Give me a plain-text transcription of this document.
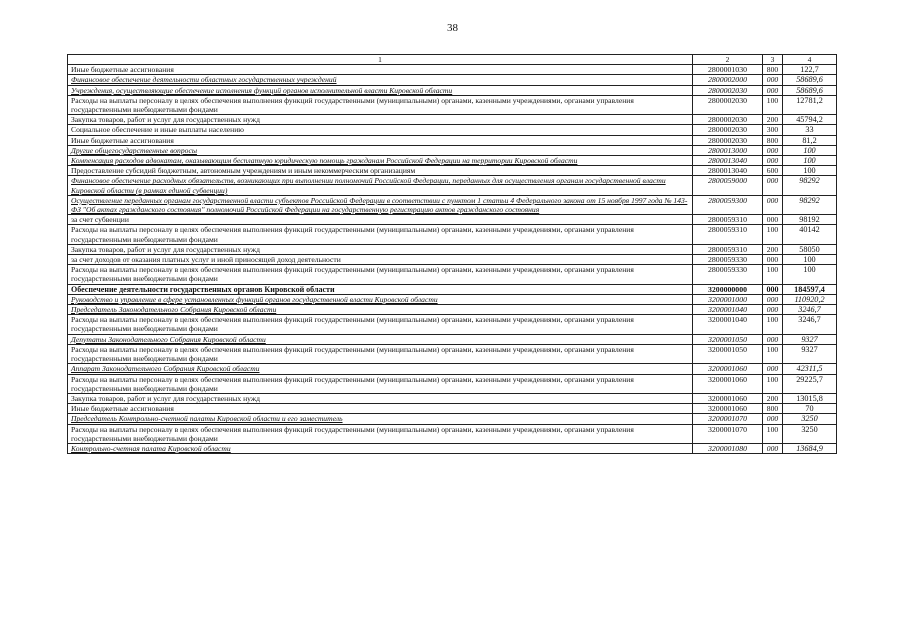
38
1	2	3	4
Иные бюджетные ассигнования	2800001030	800	122,7
Финансовое обеспечение деятельности областных государственных учреждений	2800002000	000	58689,6
Учреждения, осуществляющие обеспечение исполнения функций органов исполнительной власти Кировской области	2800002030	000	58689,6
Расходы на выплаты персоналу в целях обеспечения выполнения функций государственными (муниципальными) органами, казенными учреждениями, органами управления государственными внебюджетными фондами	2800002030	100	12781,2
Закупка товаров, работ и услуг для государственных нужд	2800002030	200	45794,2
Социальное обеспечение и иные выплаты населению	2800002030	300	33
Иные бюджетные ассигнования	2800002030	800	81,2
Другие общегосударственные вопросы	2800013000	000	100
Компенсация расходов адвокатам, оказывающим бесплатную юридическую помощь гражданам Российской Федерации на территории Кировской области	2800013040	000	100
Предоставление субсидий бюджетным, автономным учреждениям и иным некоммерческим организациям	2800013040	600	100
Финансовое обеспечение расходных обязательств, возникающих при выполнении полномочий Российской Федерации, переданных для осуществления органам государственной власти Кировской области (в рамках единой субвенции)	2800059000	000	98292
Осуществление переданных органам государственной власти субъектов Российской Федерации в соответствии с пунктом 1 статьи 4 Федерального закона от 15 ноября 1997 года № 143-ФЗ "Об актах гражданского состояния" полномочий Российской Федерации на государственную регистрацию актов гражданского состояния	2800059300	000	98292
за счет субвенции	2800059310	000	98192
Расходы на выплаты персоналу в целях обеспечения выполнения функций государственными (муниципальными) органами, казенными учреждениями, органами управления государственными внебюджетными фондами	2800059310	100	40142
Закупка товаров, работ и услуг для государственных нужд	2800059310	200	58050
за счет доходов от оказания платных услуг и иной приносящей доход деятельности	2800059330	000	100
Расходы на выплаты персоналу в целях обеспечения выполнения функций государственными (муниципальными) органами, казенными учреждениями, органами управления государственными внебюджетными фондами	2800059330	100	100
Обеспечение деятельности государственных органов Кировской области	3200000000	000	184597,4
Руководство и управление в сфере установленных функций органов государственной власти Кировской области	3200001000	000	110920,2
Председатель Законодательного Собрания Кировской области	3200001040	000	3246,7
Расходы на выплаты персоналу в целях обеспечения выполнения функций государственными (муниципальными) органами, казенными учреждениями, органами управления государственными внебюджетными фондами	3200001040	100	3246,7
Депутаты Законодательного Собрания Кировской области	3200001050	000	9327
Расходы на выплаты персоналу в целях обеспечения выполнения функций государственными (муниципальными) органами, казенными учреждениями, органами управления государственными внебюджетными фондами	3200001050	100	9327
Аппарат Законодательного Собрания Кировской области	3200001060	000	42311,5
Расходы на выплаты персоналу в целях обеспечения выполнения функций государственными (муниципальными) органами, казенными учреждениями, органами управления государственными внебюджетными фондами	3200001060	100	29225,7
Закупка товаров, работ и услуг для государственных нужд	3200001060	200	13015,8
Иные бюджетные ассигнования	3200001060	800	70
Председатель Контрольно-счетной палаты Кировской области и его заместитель	3200001070	000	3250
Расходы на выплаты персоналу в целях обеспечения выполнения функций государственными (муниципальными) органами, казенными учреждениями, органами управления государственными внебюджетными фондами	3200001070	100	3250
Контрольно-счетная палата Кировской области	3200001080	000	13684,9
